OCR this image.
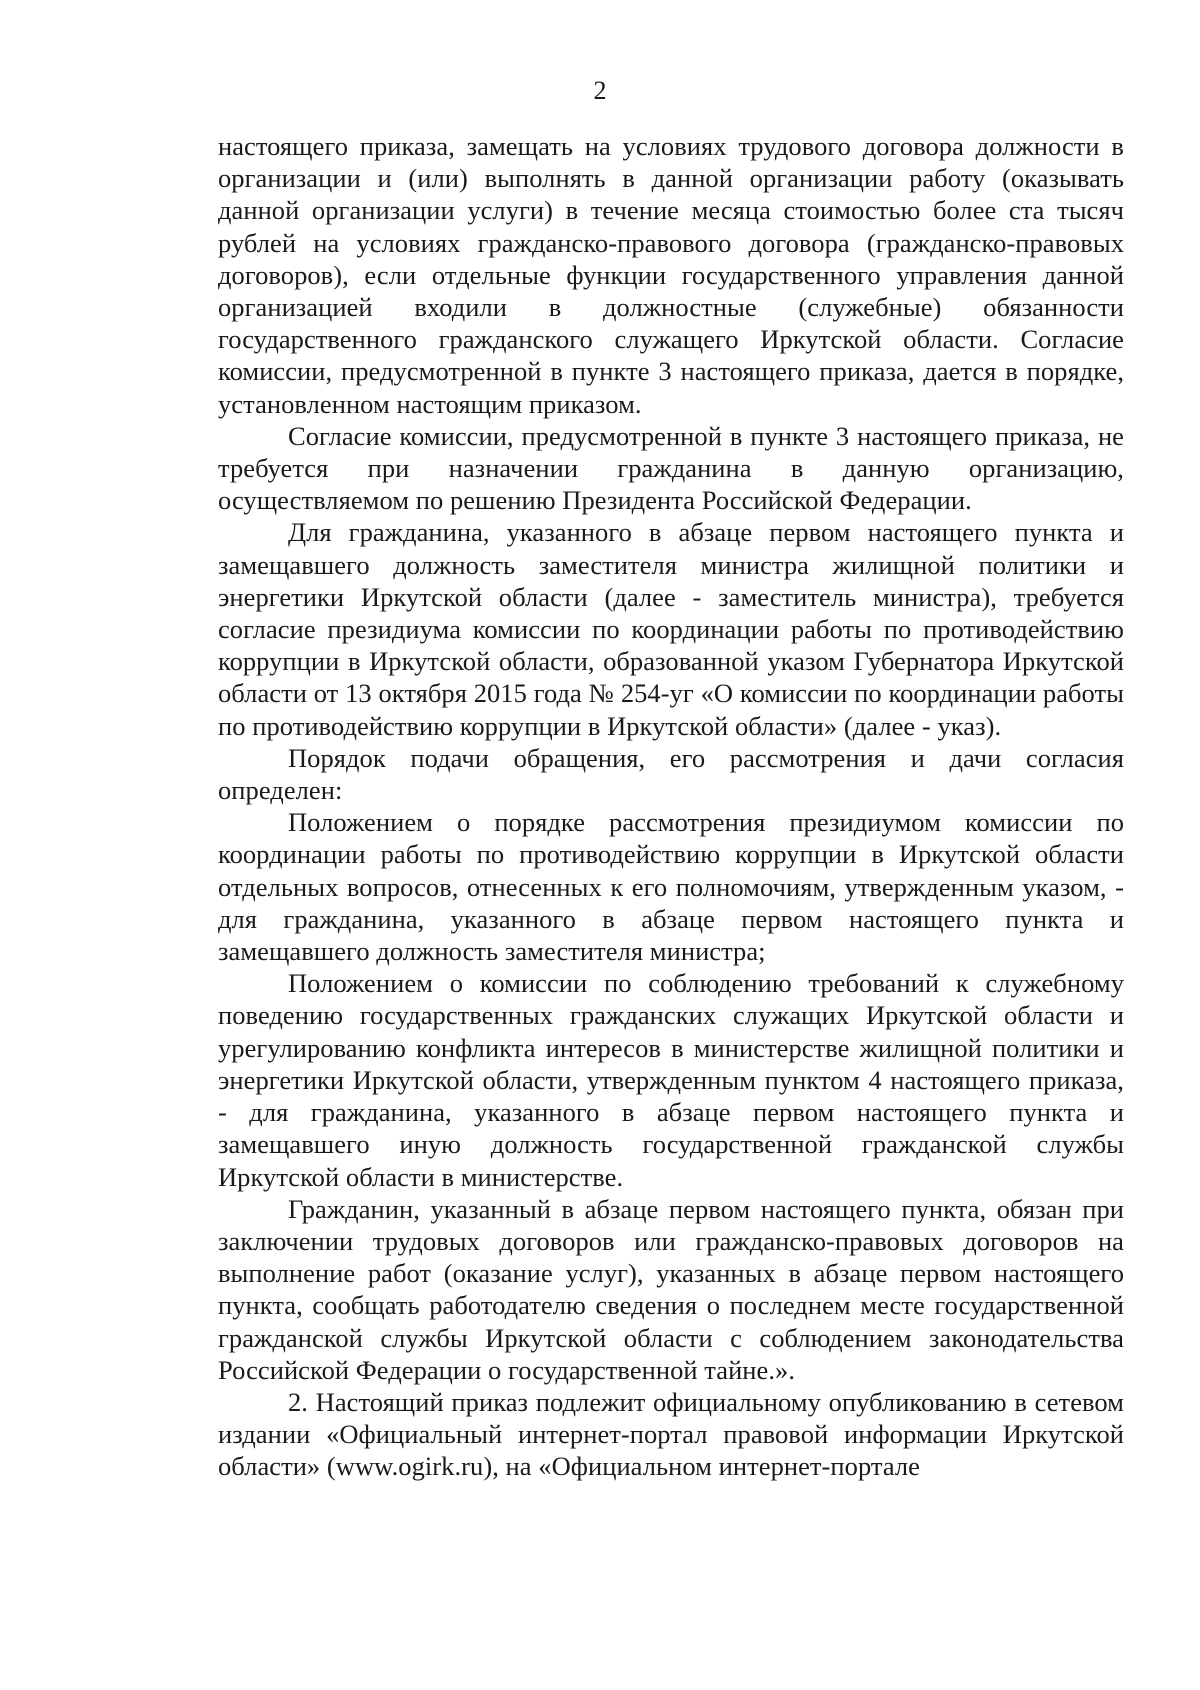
2

настоящего приказа, замещать на условиях трудового договора должности в организации и (или) выполнять в данной организации работу (оказывать данной организации услуги) в течение месяца стоимостью более ста тысяч рублей на условиях гражданско-правового договора (гражданско-правовых договоров), если отдельные функции государственного управления данной организацией входили в должностные (служебные) обязанности государственного гражданского служащего Иркутской области. Согласие комиссии, предусмотренной в пункте 3 настоящего приказа, дается в порядке, установленном настоящим приказом.

Согласие комиссии, предусмотренной в пункте 3 настоящего приказа, не требуется при назначении гражданина в данную организацию, осуществляемом по решению Президента Российской Федерации.

Для гражданина, указанного в абзаце первом настоящего пункта и замещавшего должность заместителя министра жилищной политики и энергетики Иркутской области (далее - заместитель министра), требуется согласие президиума комиссии по координации работы по противодействию коррупции в Иркутской области, образованной указом Губернатора Иркутской области от 13 октября 2015 года № 254-уг «О комиссии по координации работы по противодействию коррупции в Иркутской области» (далее - указ).

Порядок подачи обращения, его рассмотрения и дачи согласия определен:

Положением о порядке рассмотрения президиумом комиссии по координации работы по противодействию коррупции в Иркутской области отдельных вопросов, отнесенных к его полномочиям, утвержденным указом, - для гражданина, указанного в абзаце первом настоящего пункта и замещавшего должность заместителя министра;

Положением о комиссии по соблюдению требований к служебному поведению государственных гражданских служащих Иркутской области и урегулированию конфликта интересов в министерстве жилищной политики и энергетики Иркутской области, утвержденным пунктом 4 настоящего приказа, - для гражданина, указанного в абзаце первом настоящего пункта и замещавшего иную должность государственной гражданской службы Иркутской области в министерстве.

Гражданин, указанный в абзаце первом настоящего пункта, обязан при заключении трудовых договоров или гражданско-правовых договоров на выполнение работ (оказание услуг), указанных в абзаце первом настоящего пункта, сообщать работодателю сведения о последнем месте государственной гражданской службы Иркутской области с соблюдением законодательства Российской Федерации о государственной тайне.».

2. Настоящий приказ подлежит официальному опубликованию в сетевом издании «Официальный интернет-портал правовой информации Иркутской области» (www.ogirk.ru), на «Официальном интернет-портале
